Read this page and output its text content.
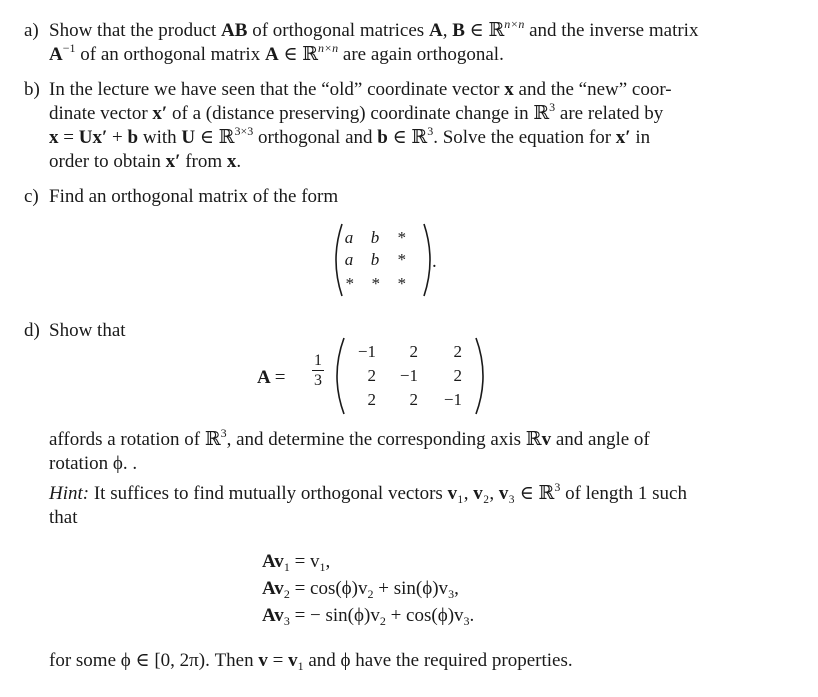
a) Show that the product AB of orthogonal matrices A, B ∈ ℝ$^{n\times n}$ and the inverse matrix
$A^{-1}$ of an orthogonal matrix A ∈ ℝ$^{n\times n}$ are again orthogonal.
b) In the lecture we have seen that the “old” coordinate vector x and the “new” coor-
dinate vector x′ of a (distance preserving) coordinate change in ℝ$^3$ are related by
x = Ux′ + b with U ∈ ℝ$^{3\times 3}$ orthogonal and b ∈ ℝ$^3$. Solve the equation for x′ in
order to obtain x′ from x.
c) Find an orthogonal matrix of the form
a b *
a b *
* * *
.
d) Show that
A =
1
3
−1	2	2
2	−1	2
2	2	−1
affords a rotation of ℝ$^3$, and determine the corresponding axis ℝv and angle of
rotation ϕ. .
Hint: It suffices to find mutually orthogonal vectors v₁, v₂, v₃ ∈ ℝ$^3$ of length 1 such
that
$Av_1 = v_1$,
$Av_2 = \cos(\phi)v_2 + \sin(\phi)v_3$,
$Av_3$ = − $\sin(\phi)v_2 + \cos(\phi)v_3$.
for some ϕ ∈ [0, 2π). Then $v = v_1$ and ϕ have the required properties.
